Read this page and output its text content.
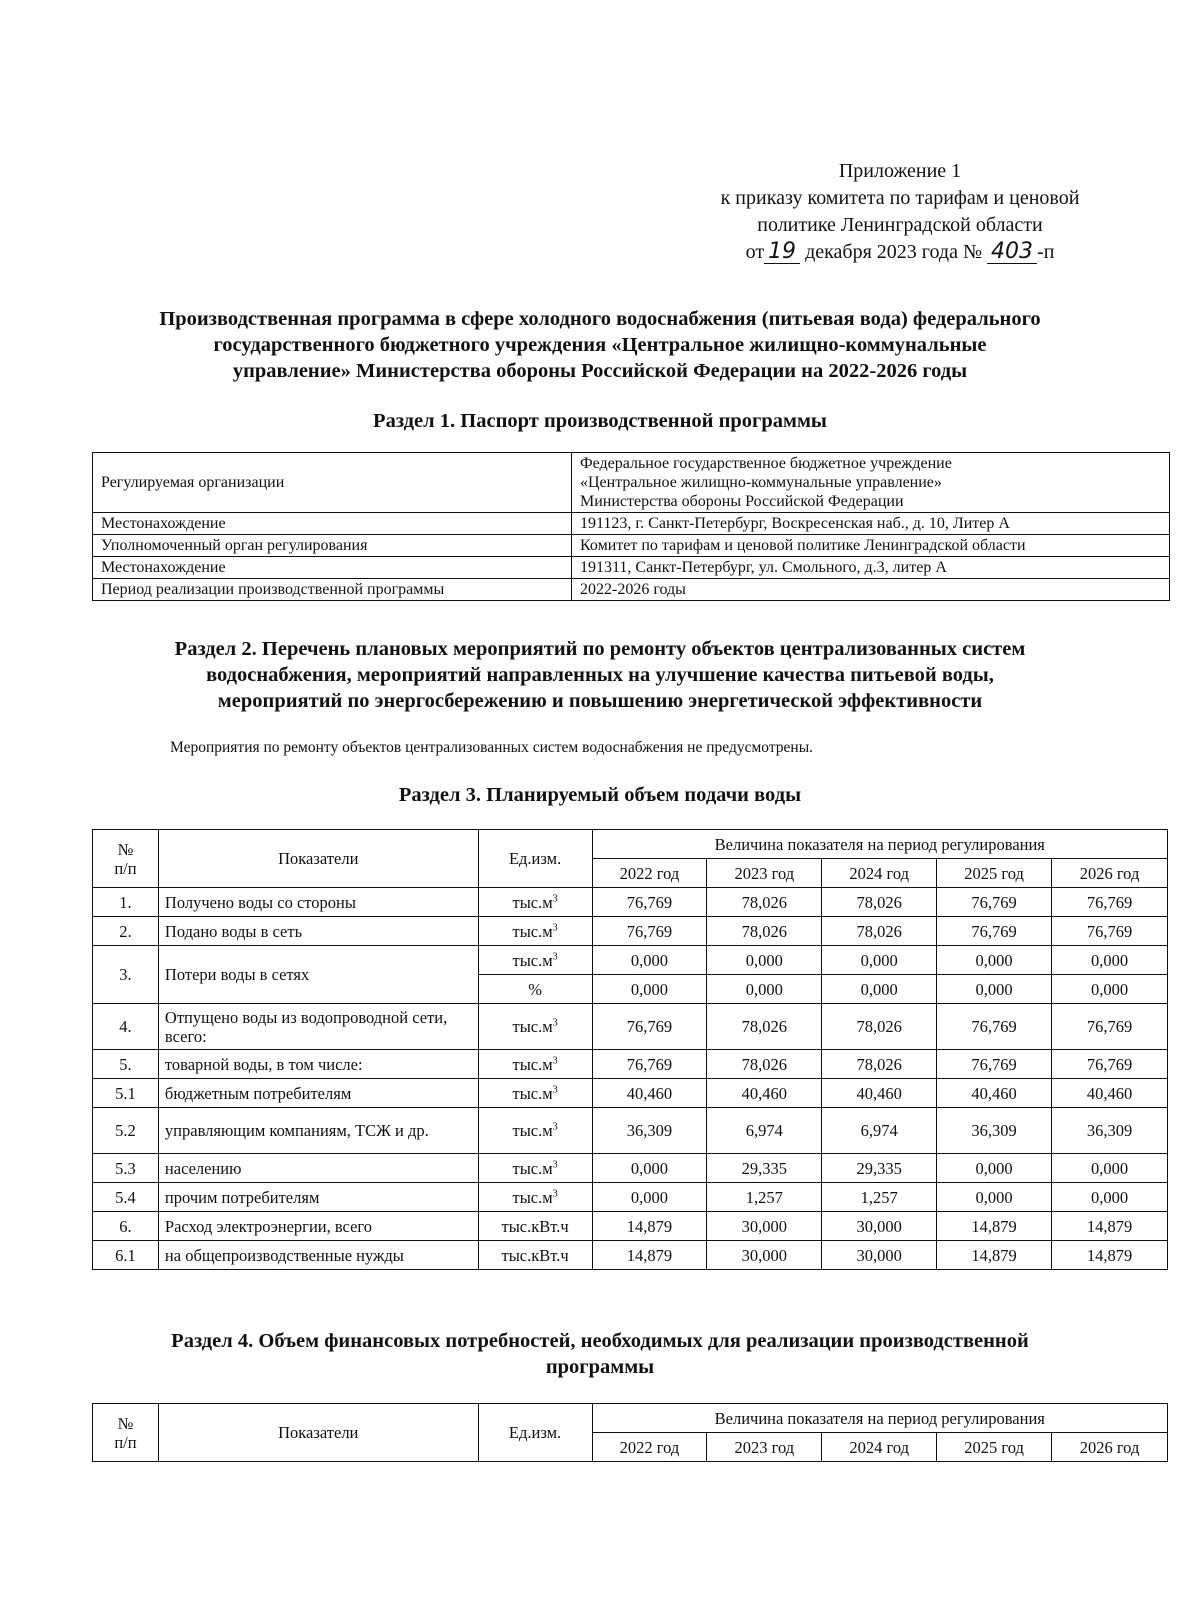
Приложение 1
к приказу комитета по тарифам и ценовой
политике Ленинградской области
от 19 декабря 2023 года № 403 -п
Производственная программа в сфере холодного водоснабжения (питьевая вода) федерального
государственного бюджетного учреждения «Центральное жилищно-коммунальные
управление» Министерства обороны Российской Федерации на 2022-2026 годы
Раздел 1. Паспорт производственной программы
Регулируемая организации	Федеральное государственное бюджетное учреждение
«Центральное жилищно-коммунальные управление»
Министерства обороны Российской Федерации

Местонахождение	191123, г. Санкт-Петербург, Воскресенская наб., д. 10, Литер А
Уполномоченный орган регулирования	Комитет по тарифам и ценовой политике Ленинградской области
Местонахождение	191311, Санкт-Петербург, ул. Смольного, д.3, литер А
Период реализации производственной программы	2022-2026 годы
Раздел 2. Перечень плановых мероприятий по ремонту объектов централизованных систем
водоснабжения, мероприятий направленных на улучшение качества питьевой воды,
мероприятий по энергосбережению и повышению энергетической эффективности
Мероприятия по ремонту объектов централизованных систем водоснабжения не предусмотрены.
Раздел 3. Планируемый объем подачи воды
№
п/п	Показатели	Ед.изм.	Величина показателя на период регулирования				
			2022 год	2023 год	2024 год	2025 год	2026 год
1.	Получено воды со стороны	$тыс.м^3$	76,769	78,026	78,026	76,769	76,769
2.	Подано воды в сеть	$тыс.м^3$	76,769	78,026	78,026	76,769	76,769
3.	Потери воды в сетях	$тыс.м^3$	0,000	0,000	0,000	0,000	0,000
		%	0,000	0,000	0,000	0,000	0,000
4.	Отпущено воды из водопроводной сети, всего:	$тыс.м^3$	76,769	78,026	78,026	76,769	76,769
5.	товарной воды, в том числе:	$тыс.м^3$	76,769	78,026	78,026	76,769	76,769
5.1	бюджетным потребителям	$тыс.м^3$	40,460	40,460	40,460	40,460	40,460
5.2	управляющим компаниям, ТСЖ и др.	$тыс.м^3$	36,309	6,974	6,974	36,309	36,309
5.3	населению	$тыс.м^3$	0,000	29,335	29,335	0,000	0,000
5.4	прочим потребителям	$тыс.м^3$	0,000	1,257	1,257	0,000	0,000
6.	Расход электроэнергии, всего	тыс.кВт.ч	14,879	30,000	30,000	14,879	14,879
6.1	на общепроизводственные нужды	тыс.кВт.ч	14,879	30,000	30,000	14,879	14,879
Раздел 4. Объем финансовых потребностей, необходимых для реализации производственной
программы
№
п/п	Показатели	Ед.изм.	Величина показателя на период регулирования				
			2022 год	2023 год	2024 год	2025 год	2026 год
